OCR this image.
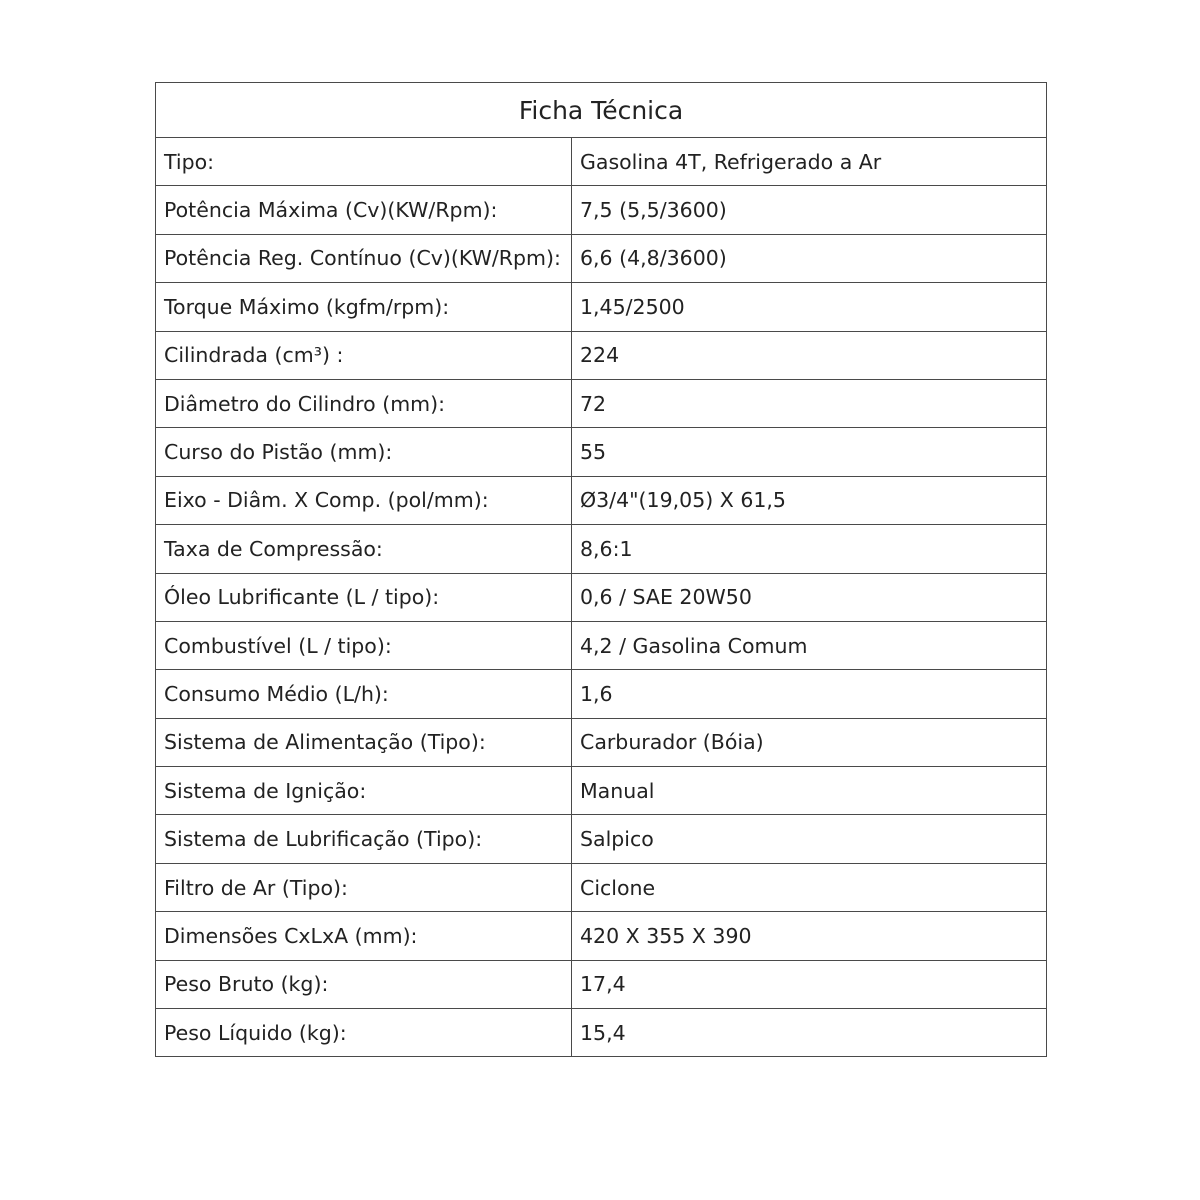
Ficha Técnica	
Tipo:	Gasolina 4T, Refrigerado a Ar
Potência Máxima (Cv)(KW/Rpm):	7,5 (5,5/3600)
Potência Reg. Contínuo (Cv)(KW/Rpm):	6,6 (4,8/3600)
Torque Máximo (kgfm/rpm):	1,45/2500
Cilindrada (cm³) :	224
Diâmetro do Cilindro (mm):	72
Curso do Pistão (mm):	55
Eixo - Diâm. X Comp. (pol/mm):	Ø3/4"(19,05) X 61,5
Taxa de Compressão:	8,6:1
Óleo Lubrificante (L / tipo):	0,6 / SAE 20W50
Combustível (L / tipo):	4,2 / Gasolina Comum
Consumo Médio (L/h):	1,6
Sistema de Alimentação (Tipo):	Carburador (Bóia)
Sistema de Ignição:	Manual
Sistema de Lubrificação (Tipo):	Salpico
Filtro de Ar (Tipo):	Ciclone
Dimensões CxLxA (mm):	420 X 355 X 390
Peso Bruto (kg):	17,4
Peso Líquido (kg):	15,4
